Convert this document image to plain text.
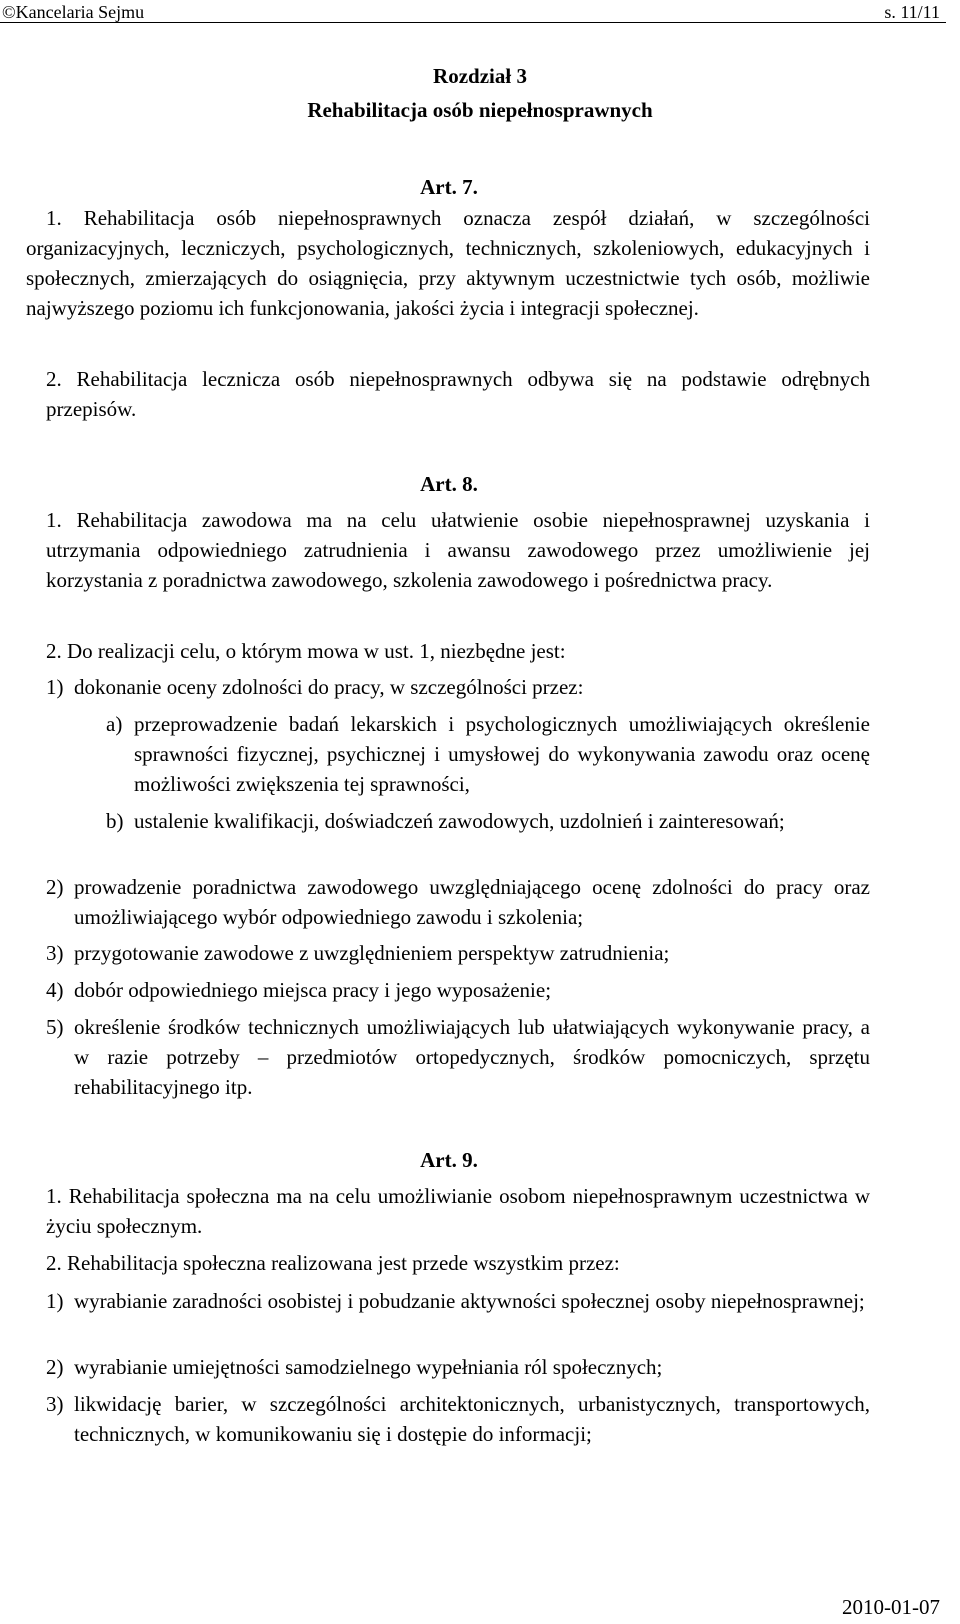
©Kancelaria Sejmu	s. 11/11
Rozdział 3
Rehabilitacja osób niepełnosprawnych
Art. 7.
1. Rehabilitacja osób niepełnosprawnych oznacza zespół działań, w szczególności organizacyjnych, leczniczych, psychologicznych, technicznych, szkoleniowych, edukacyjnych i społecznych, zmierzających do osiągnięcia, przy aktywnym uczestnictwie tych osób, możliwie najwyższego poziomu ich funkcjonowania, jakości życia i integracji społecznej.
2. Rehabilitacja lecznicza osób niepełnosprawnych odbywa się na podstawie odrębnych przepisów.
Art. 8.
1. Rehabilitacja zawodowa ma na celu ułatwienie osobie niepełnosprawnej uzyskania i utrzymania odpowiedniego zatrudnienia i awansu zawodowego przez umożliwienie jej korzystania z poradnictwa zawodowego, szkolenia zawodowego i pośrednictwa pracy.
2. Do realizacji celu, o którym mowa w ust. 1, niezbędne jest:
1) dokonanie oceny zdolności do pracy, w szczególności przez:
a) przeprowadzenie badań lekarskich i psychologicznych umożliwiających określenie sprawności fizycznej, psychicznej i umysłowej do wykonywania zawodu oraz ocenę możliwości zwiększenia tej sprawności,
b) ustalenie kwalifikacji, doświadczeń zawodowych, uzdolnień i zainteresowań;
2) prowadzenie poradnictwa zawodowego uwzględniającego ocenę zdolności do pracy oraz umożliwiającego wybór odpowiedniego zawodu i szkolenia;
3) przygotowanie zawodowe z uwzględnieniem perspektyw zatrudnienia;
4) dobór odpowiedniego miejsca pracy i jego wyposażenie;
5) określenie środków technicznych umożliwiających lub ułatwiających wykonywanie pracy, a w razie potrzeby – przedmiotów ortopedycznych, środków pomocniczych, sprzętu rehabilitacyjnego itp.
Art. 9.
1. Rehabilitacja społeczna ma na celu umożliwianie osobom niepełnosprawnym uczestnictwa w życiu społecznym.
2. Rehabilitacja społeczna realizowana jest przede wszystkim przez:
1) wyrabianie zaradności osobistej i pobudzanie aktywności społecznej osoby niepełnosprawnej;
2) wyrabianie umiejętności samodzielnego wypełniania ról społecznych;
3) likwidację barier, w szczególności architektonicznych, urbanistycznych, transportowych, technicznych, w komunikowaniu się i dostępie do informacji;
2010-01-07
